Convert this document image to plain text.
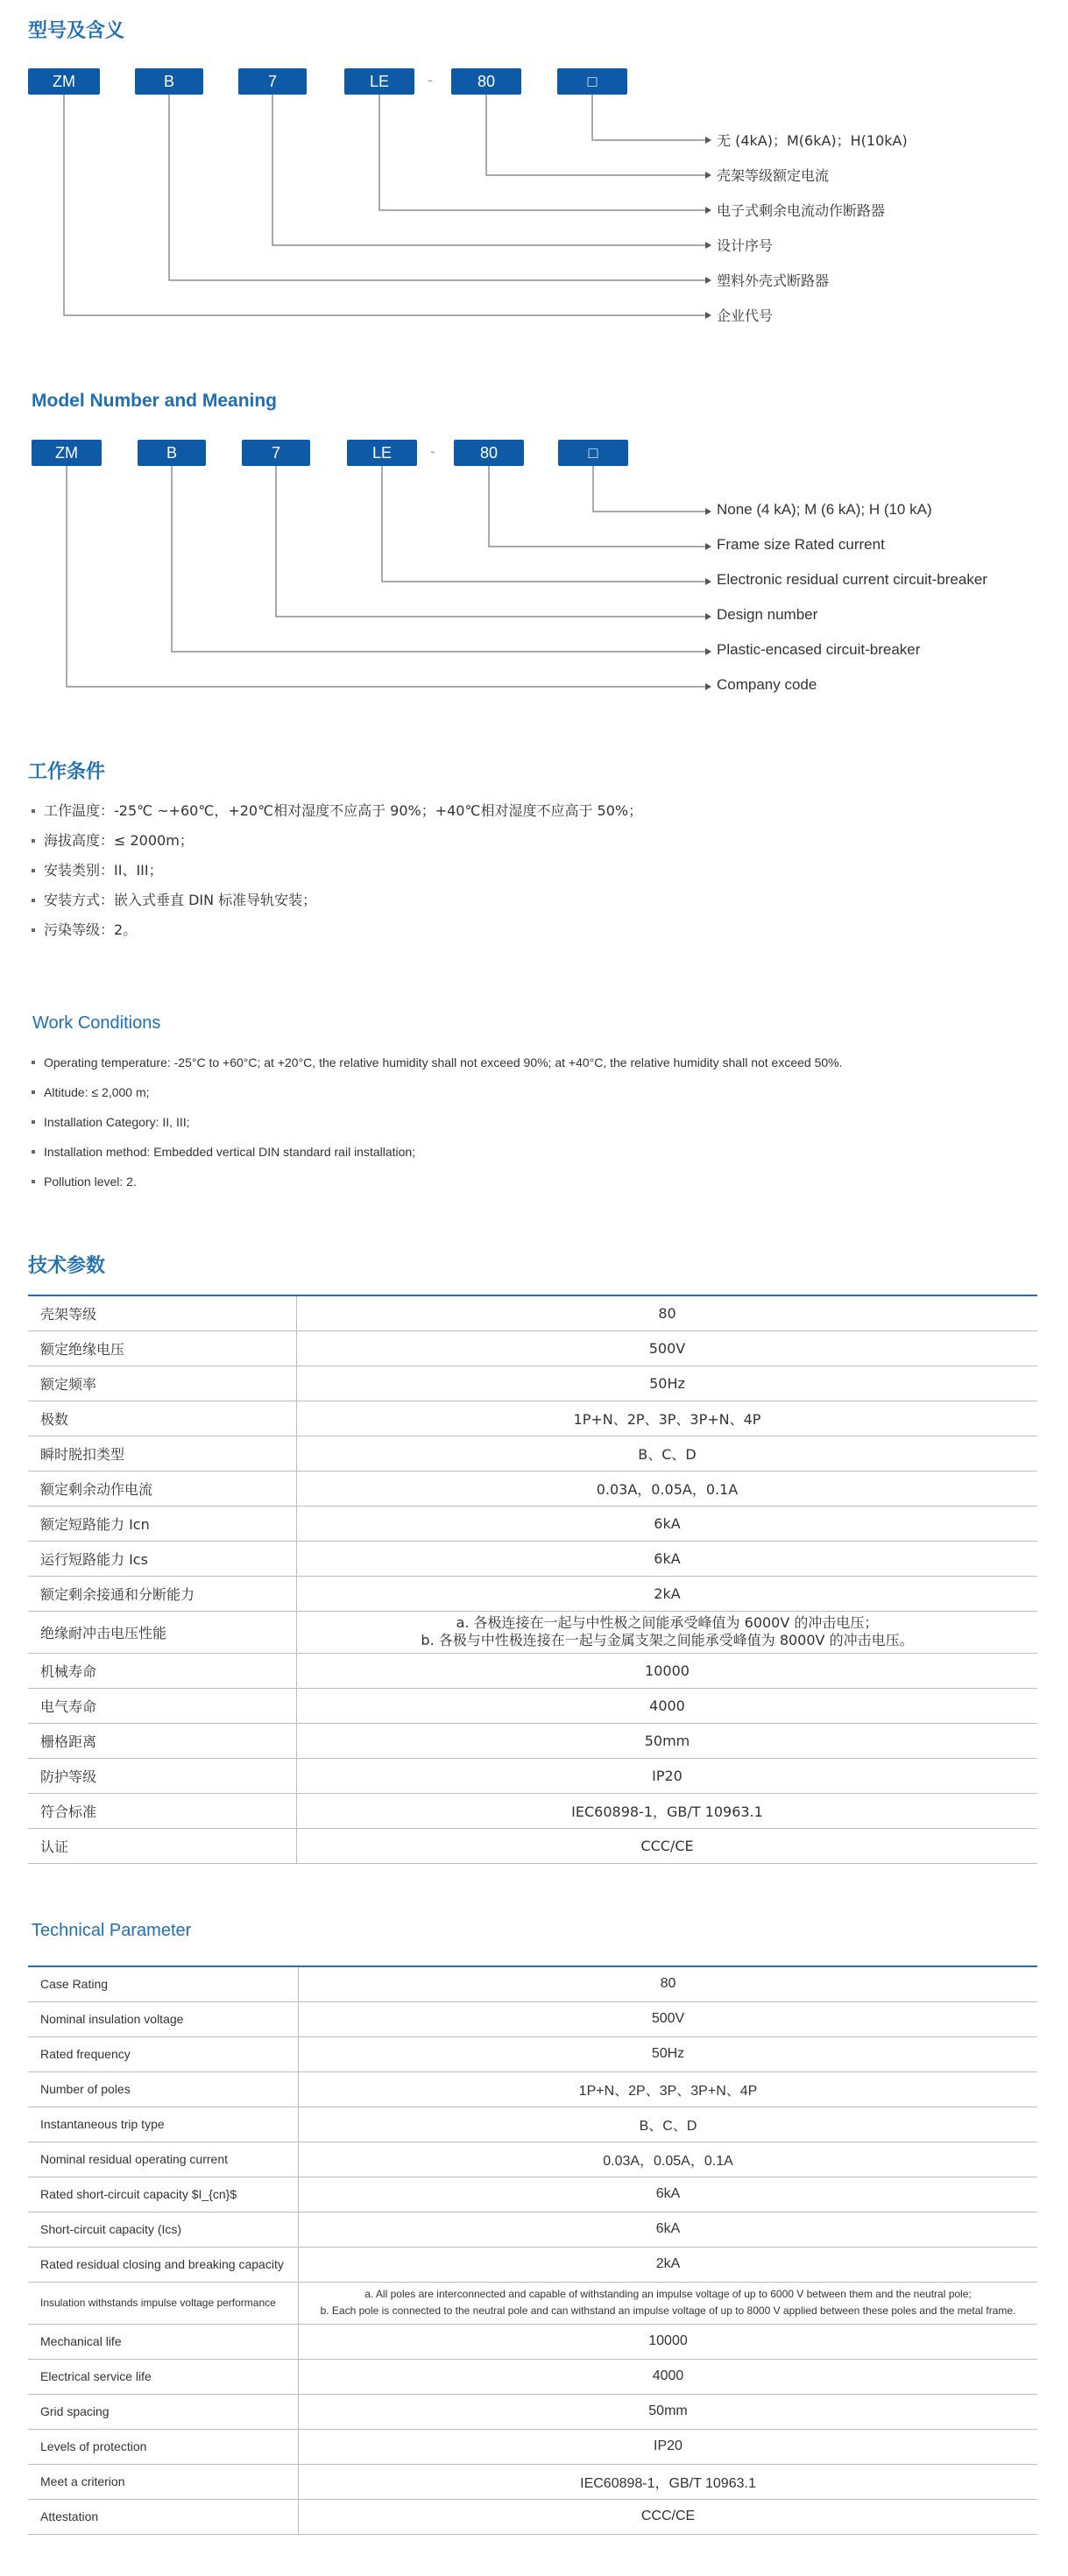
型号及含义
ZM	B	7	LE	-	80	□
无 (4kA)；M(6kA)；H(10kA)
壳架等级额定电流
电子式剩余电流动作断路器
设计序号
塑料外壳式断路器
企业代号
Model Number and Meaning
ZM	B	7	LE	-	80	□
None (4 kA); M (6 kA); H (10 kA)
Frame size Rated current
Electronic residual current circuit-breaker
Design number
Plastic-encased circuit-breaker
Company code
工作条件
工作温度：-25℃ ~+60℃，+20℃相对湿度不应高于 90%；+40℃相对湿度不应高于 50%；
海拔高度：≤ 2000m；
安装类别：II、III；
安装方式：嵌入式垂直 DIN 标准导轨安装；
污染等级：2。
Work Conditions
Operating temperature: -25°C to +60°C; at +20°C, the relative humidity shall not exceed 90%; at +40°C, the relative humidity shall not exceed 50%.
Altitude: ≤ 2,000 m;
Installation Category: II, III;
Installation method: Embedded vertical DIN standard rail installation;
Pollution level: 2.
技术参数
壳架等级	80
额定绝缘电压	500V
额定频率	50Hz
极数	1P+N、2P、3P、3P+N、4P
瞬时脱扣类型	B、C、D
额定剩余动作电流	0.03A，0.05A，0.1A
额定短路能力 Icn	6kA
运行短路能力 Ics	6kA
额定剩余接通和分断能力	2kA
绝缘耐冲击电压性能	a. 各极连接在一起与中性极之间能承受峰值为 6000V 的冲击电压；
b. 各极与中性极连接在一起与金属支架之间能承受峰值为 8000V 的冲击电压。

机械寿命	10000
电气寿命	4000
栅格距离	50mm
防护等级	IP20
符合标准	IEC60898-1，GB/T 10963.1
认证	CCC/CE
Technical Parameter
Case Rating	80
Nominal insulation voltage	500V
Rated frequency	50Hz
Number of poles	1P+N、2P、3P、3P+N、4P
Instantaneous trip type	B、C、D
Nominal residual operating current	0.03A，0.05A，0.1A
Rated short-circuit capacity $I_{cn}$	6kA
Short-circuit capacity (Ics)	6kA
Rated residual closing and breaking capacity	2kA
Insulation withstands impulse voltage performance	a. All poles are interconnected and capable of withstanding an impulse voltage of up to 6000 V between them and the neutral pole;
b. Each pole is connected to the neutral pole and can withstand an impulse voltage of up to 8000 V applied between these poles and the metal frame.

Mechanical life	10000
Electrical service life	4000
Grid spacing	50mm
Levels of protection	IP20
Meet a criterion	IEC60898-1，GB/T 10963.1
Attestation	CCC/CE
